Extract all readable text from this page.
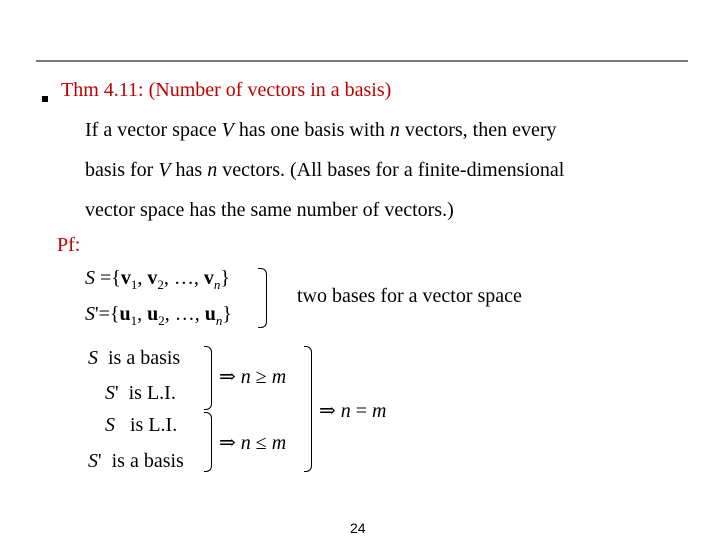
Thm 4.11: (Number of vectors in a basis)
If a vector space V has one basis with n vectors, then every
basis for V has n vectors. (All bases for a finite-dimensional
vector space has the same number of vectors.)
Pf:
$S =\{v_1$, $v_2$, …, $v_n$}
$S'=\{u_1$, $u_2$, …, $u_n$}
two bases for a vector space
S  is a basis
S'  is L.I.
S   is L.I.
S'  is a basis
⇒ n ≥ m
⇒ n ≤ m
⇒ n = m
24
